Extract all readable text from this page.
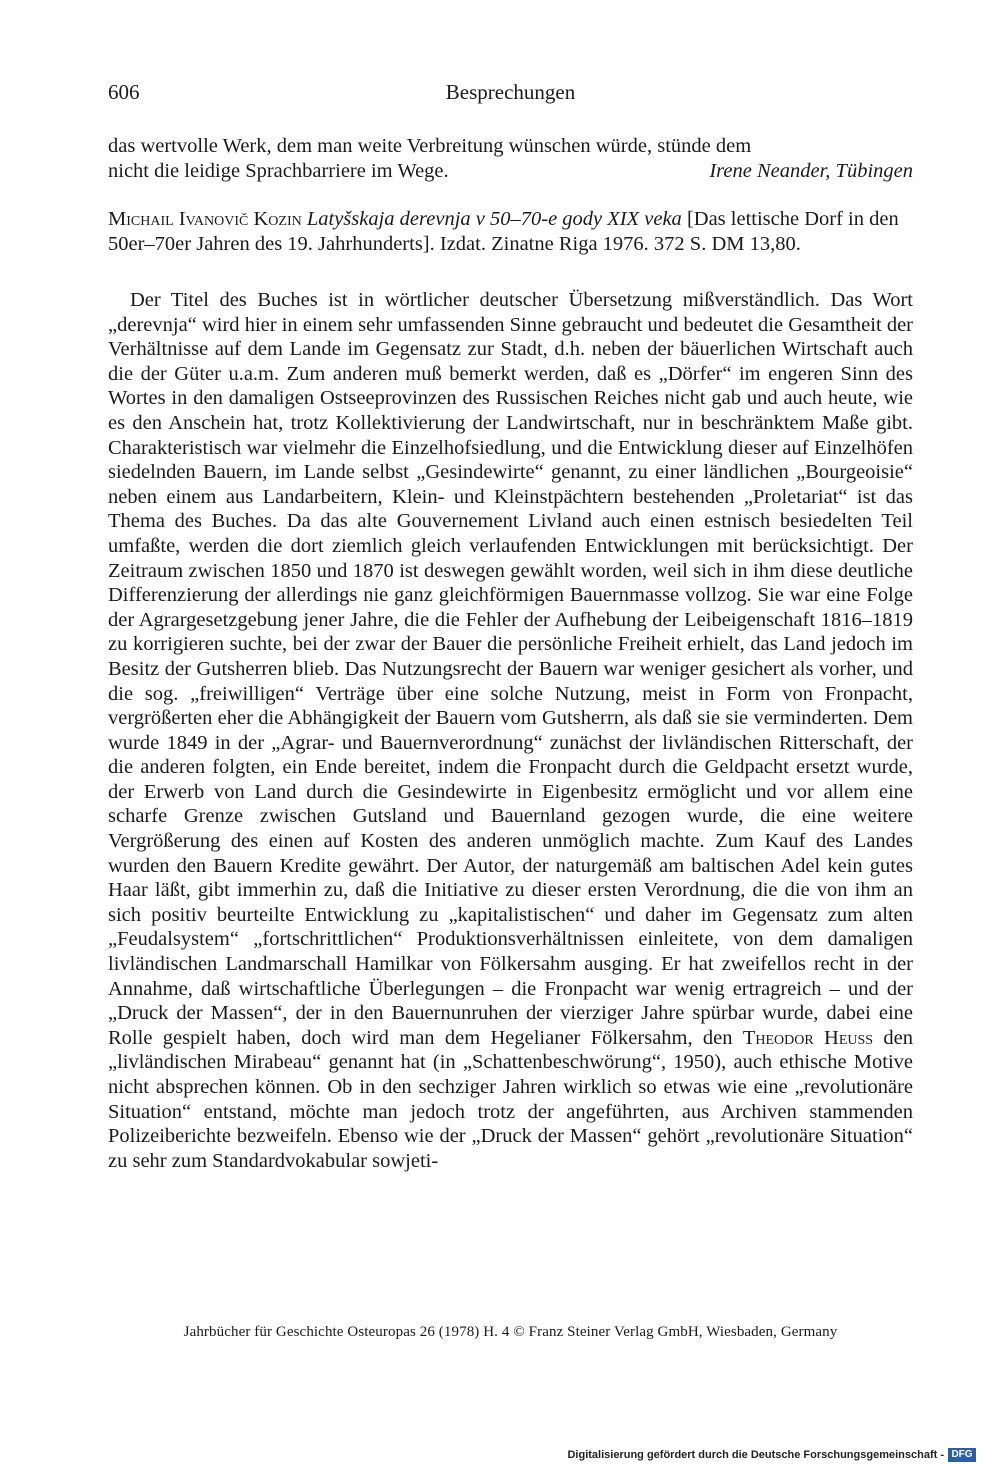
606	Besprechungen
das wertvolle Werk, dem man weite Verbreitung wünschen würde, stünde dem
nicht die leidige Sprachbarriere im Wege.	Irene Neander, Tübingen
Michail Ivanovič Kozin Latyšskaja derevnja v 50–70-e gody XIX veka [Das lettische Dorf in den 50er–70er Jahren des 19. Jahrhunderts]. Izdat. Zinatne Riga 1976. 372 S. DM 13,80.
Der Titel des Buches ist in wörtlicher deutscher Übersetzung mißverständlich. Das Wort „derevnja“ wird hier in einem sehr umfassenden Sinne gebraucht und bedeutet die Gesamtheit der Verhältnisse auf dem Lande im Gegensatz zur Stadt, d.h. neben der bäuerlichen Wirtschaft auch die der Güter u.a.m. Zum anderen muß bemerkt werden, daß es „Dörfer“ im engeren Sinn des Wortes in den damaligen Ostseeprovinzen des Russischen Reiches nicht gab und auch heute, wie es den Anschein hat, trotz Kollektivierung der Landwirtschaft, nur in beschränktem Maße gibt. Charakteristisch war vielmehr die Einzelhofsiedlung, und die Entwicklung dieser auf Einzelhöfen siedelnden Bauern, im Lande selbst „Gesindewirte“ genannt, zu einer ländlichen „Bourgeoisie“ neben einem aus Landarbeitern, Klein- und Kleinstpächtern bestehenden „Proletariat“ ist das Thema des Buches. Da das alte Gouvernement Livland auch einen estnisch besiedelten Teil umfaßte, werden die dort ziemlich gleich verlaufenden Entwicklungen mit berücksichtigt. Der Zeitraum zwischen 1850 und 1870 ist deswegen gewählt worden, weil sich in ihm diese deutliche Differenzierung der allerdings nie ganz gleichförmigen Bauernmasse vollzog. Sie war eine Folge der Agrargesetzgebung jener Jahre, die die Fehler der Aufhebung der Leibeigenschaft 1816–1819 zu korrigieren suchte, bei der zwar der Bauer die persönliche Freiheit erhielt, das Land jedoch im Besitz der Gutsherren blieb. Das Nutzungsrecht der Bauern war weniger gesichert als vorher, und die sog. „freiwilligen“ Verträge über eine solche Nutzung, meist in Form von Fronpacht, vergrößerten eher die Abhängigkeit der Bauern vom Gutsherrn, als daß sie sie verminderten. Dem wurde 1849 in der „Agrar- und Bauernverordnung“ zunächst der livländischen Ritterschaft, der die anderen folgten, ein Ende bereitet, indem die Fronpacht durch die Geldpacht ersetzt wurde, der Erwerb von Land durch die Gesindewirte in Eigenbesitz ermöglicht und vor allem eine scharfe Grenze zwischen Gutsland und Bauernland gezogen wurde, die eine weitere Vergrößerung des einen auf Kosten des anderen unmöglich machte. Zum Kauf des Landes wurden den Bauern Kredite gewährt. Der Autor, der naturgemäß am baltischen Adel kein gutes Haar läßt, gibt immerhin zu, daß die Initiative zu dieser ersten Verordnung, die die von ihm an sich positiv beurteilte Entwicklung zu „kapitalistischen“ und daher im Gegensatz zum alten „Feudalsystem“ „fortschrittlichen“ Produktionsverhältnissen einleitete, von dem damaligen livländischen Landmarschall Hamilkar von Fölkersahm ausging. Er hat zweifellos recht in der Annahme, daß wirtschaftliche Überlegungen – die Fronpacht war wenig ertragreich – und der „Druck der Massen“, der in den Bauernunruhen der vierziger Jahre spürbar wurde, dabei eine Rolle gespielt haben, doch wird man dem Hegelianer Fölkersahm, den Theodor Heuss den „livländischen Mirabeau“ genannt hat (in „Schattenbeschwörung“, 1950), auch ethische Motive nicht absprechen können. Ob in den sechziger Jahren wirklich so etwas wie eine „revolutionäre Situation“ entstand, möchte man jedoch trotz der angeführten, aus Archiven stammenden Polizeiberichte bezweifeln. Ebenso wie der „Druck der Massen“ gehört „revolutionäre Situation“ zu sehr zum Standardvokabular sowjeti-
Jahrbücher für Geschichte Osteuropas 26 (1978) H. 4 © Franz Steiner Verlag GmbH, Wiesbaden, Germany
Digitalisierung gefördert durch die Deutsche Forschungsgemeinschaft - DFG
